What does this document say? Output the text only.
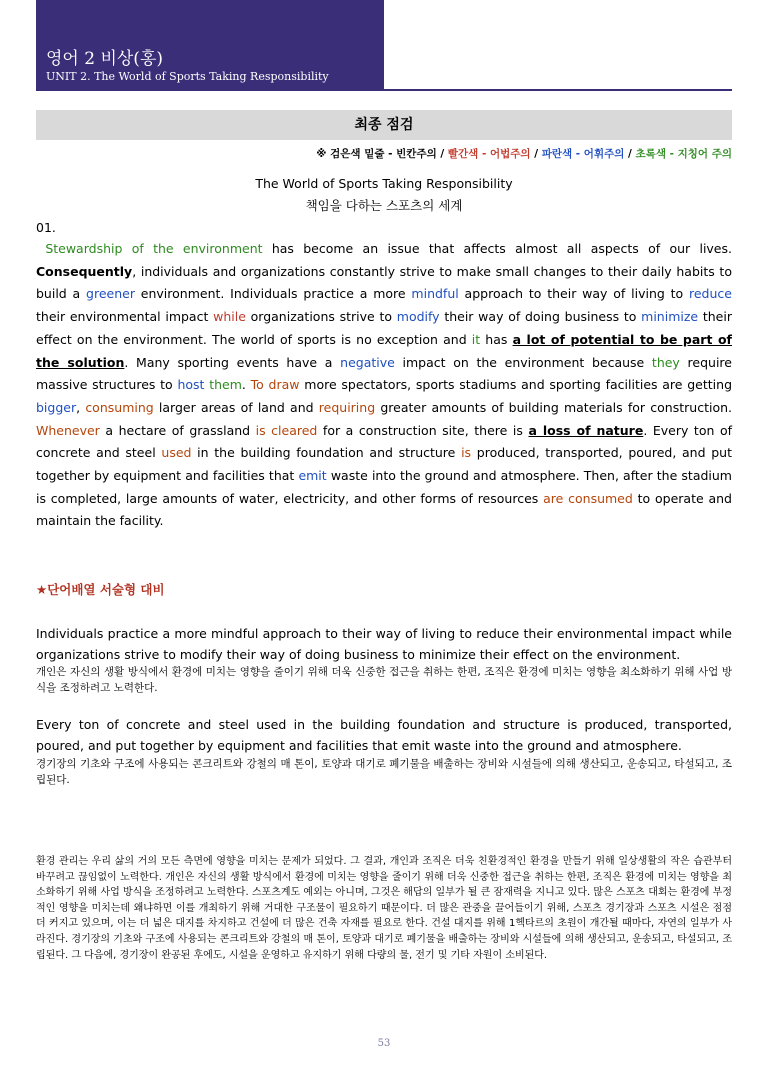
영어 2 비상(홍)
UNIT 2. The World of Sports Taking Responsibility
최종 점검
※ 검은색 밑줄 - 빈칸주의 / 빨간색 - 어법주의 / 파란색 - 어휘주의 / 초록색 - 지칭어 주의
The World of Sports Taking Responsibility
책임을 다하는 스포츠의 세계
01.
Stewardship of the environment has become an issue that affects almost all aspects of our lives. Consequently, individuals and organizations constantly strive to make small changes to their daily habits to build a greener environment. Individuals practice a more mindful approach to their way of living to reduce their environmental impact while organizations strive to modify their way of doing business to minimize their effect on the environment. The world of sports is no exception and it has a lot of potential to be part of the solution. Many sporting events have a negative impact on the environment because they require massive structures to host them. To draw more spectators, sports stadiums and sporting facilities are getting bigger, consuming larger areas of land and requiring greater amounts of building materials for construction. Whenever a hectare of grassland is cleared for a construction site, there is a loss of nature. Every ton of concrete and steel used in the building foundation and structure is produced, transported, poured, and put together by equipment and facilities that emit waste into the ground and atmosphere. Then, after the stadium is completed, large amounts of water, electricity, and other forms of resources are consumed to operate and maintain the facility.
★단어배열 서술형 대비
Individuals practice a more mindful approach to their way of living to reduce their environmental impact while organizations strive to modify their way of doing business to minimize their effect on the environment.
개인은 자신의 생활 방식에서 환경에 미치는 영향을 줄이기 위해 더욱 신중한 접근을 취하는 한편, 조직은 환경에 미치는 영향을 최소화하기 위해 사업 방식을 조정하려고 노력한다.
Every ton of concrete and steel used in the building foundation and structure is produced, transported, poured, and put together by equipment and facilities that emit waste into the ground and atmosphere.
경기장의 기초와 구조에 사용되는 콘크리트와 강철의 매 톤이, 토양과 대기로 폐기물을 배출하는 장비와 시설들에 의해 생산되고, 운송되고, 타설되고, 조립된다.
환경 관리는 우리 삶의 거의 모든 측면에 영향을 미치는 문제가 되었다. 그 결과, 개인과 조직은 더욱 친환경적인 환경을 만들기 위해 일상생활의 작은 습관부터 바꾸려고 끊임없이 노력한다. 개인은 자신의 생활 방식에서 환경에 미치는 영향을 줄이기 위해 더욱 신중한 접근을 취하는 한편, 조직은 환경에 미치는 영향을 최소화하기 위해 사업 방식을 조정하려고 노력한다. 스포츠계도 예외는 아니며, 그것은 해답의 일부가 될 큰 잠재력을 지니고 있다. 많은 스포츠 대회는 환경에 부정적인 영향을 미치는데 왜냐하면 이를 개최하기 위해 거대한 구조물이 필요하기 때문이다. 더 많은 관중을 끌어들이기 위해, 스포츠 경기장과 스포츠 시설은 점점 더 커지고 있으며, 이는 더 넓은 대지를 차지하고 건설에 더 많은 건축 자재를 필요로 한다. 건설 대지를 위해 1헥타르의 초원이 개간될 때마다, 자연의 일부가 사라진다. 경기장의 기초와 구조에 사용되는 콘크리트와 강철의 매 톤이, 토양과 대기로 폐기물을 배출하는 장비와 시설들에 의해 생산되고, 운송되고, 타설되고, 조립된다. 그 다음에, 경기장이 완공된 후에도, 시설을 운영하고 유지하기 위해 다량의 물, 전기 및 기타 자원이 소비된다.
53
